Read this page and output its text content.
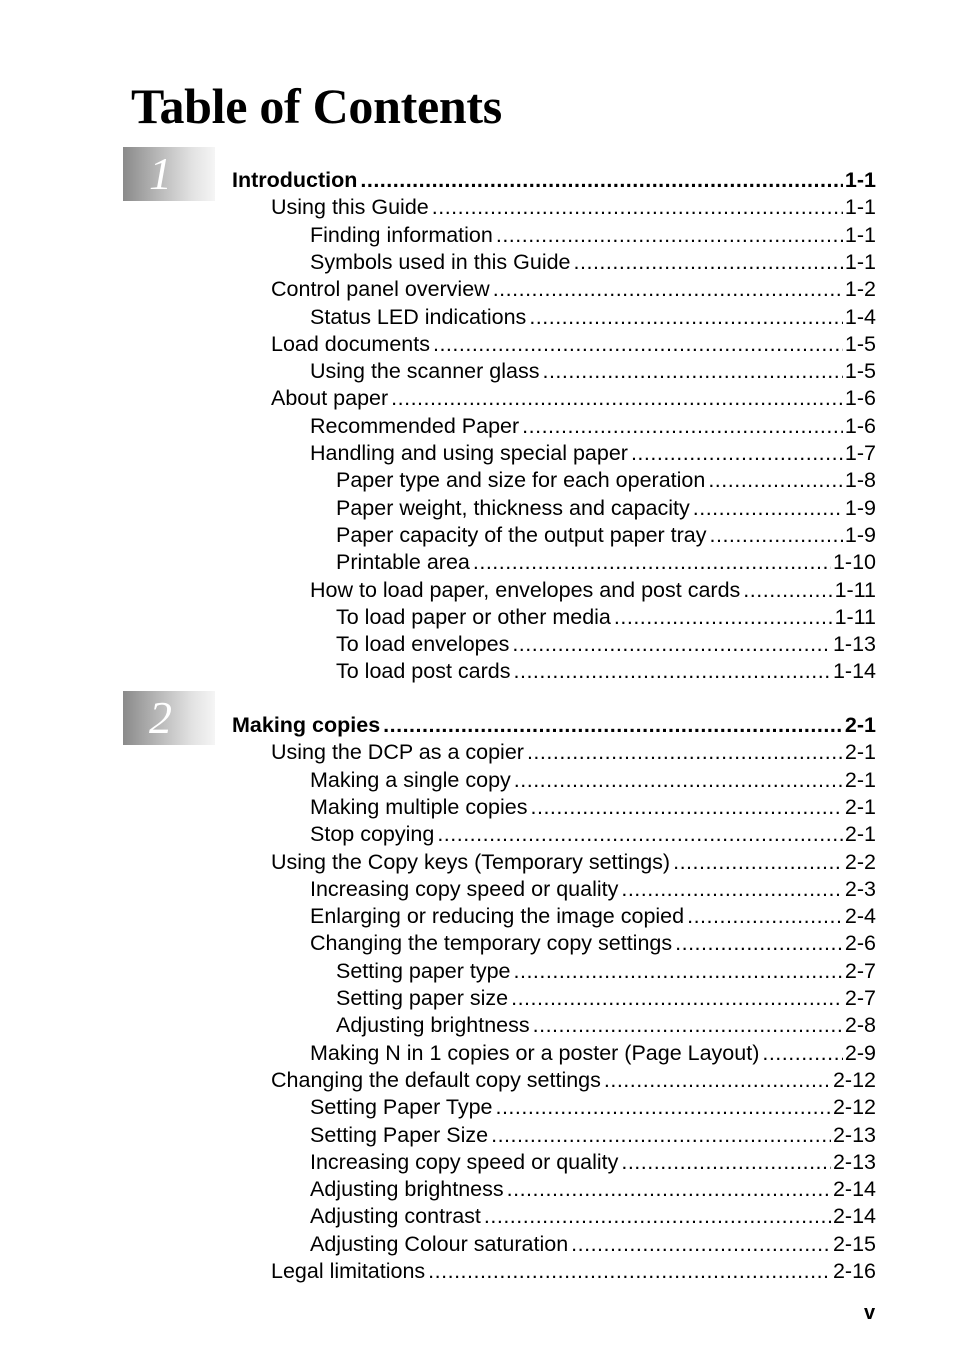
Table of Contents
1	Introduction .....	1-1
Using this Guide .....	1-1
Finding information .....	1-1
Symbols used in this Guide .....	1-1
Control panel overview .....	1-2
Status LED indications .....	1-4
Load documents .....	1-5
Using the scanner glass .....	1-5
About paper .....	1-6
Recommended Paper .....	1-6
Handling and using special paper .....	1-7
Paper type and size for each operation .....	1-8
Paper weight, thickness and capacity .....	1-9
Paper capacity of the output paper tray .....	1-9
Printable area .....	1-10
How to load paper, envelopes and post cards .....	1-11
To load paper or other media .....	1-11
To load envelopes .....	1-13
To load post cards .....	1-14
2	Making copies .....	2-1
Using the DCP as a copier .....	2-1
Making a single copy .....	2-1
Making multiple copies .....	2-1
Stop copying .....	2-1
Using the Copy keys (Temporary settings) .....	2-2
Increasing copy speed or quality .....	2-3
Enlarging or reducing the image copied .....	2-4
Changing the temporary copy settings .....	2-6
Setting paper type .....	2-7
Setting paper size .....	2-7
Adjusting brightness .....	2-8
Making N in 1 copies or a poster (Page Layout) .....	2-9
Changing the default copy settings .....	2-12
Setting Paper Type .....	2-12
Setting Paper Size .....	2-13
Increasing copy speed or quality .....	2-13
Adjusting brightness .....	2-14
Adjusting contrast .....	2-14
Adjusting Colour saturation .....	2-15
Legal limitations .....	2-16
v
